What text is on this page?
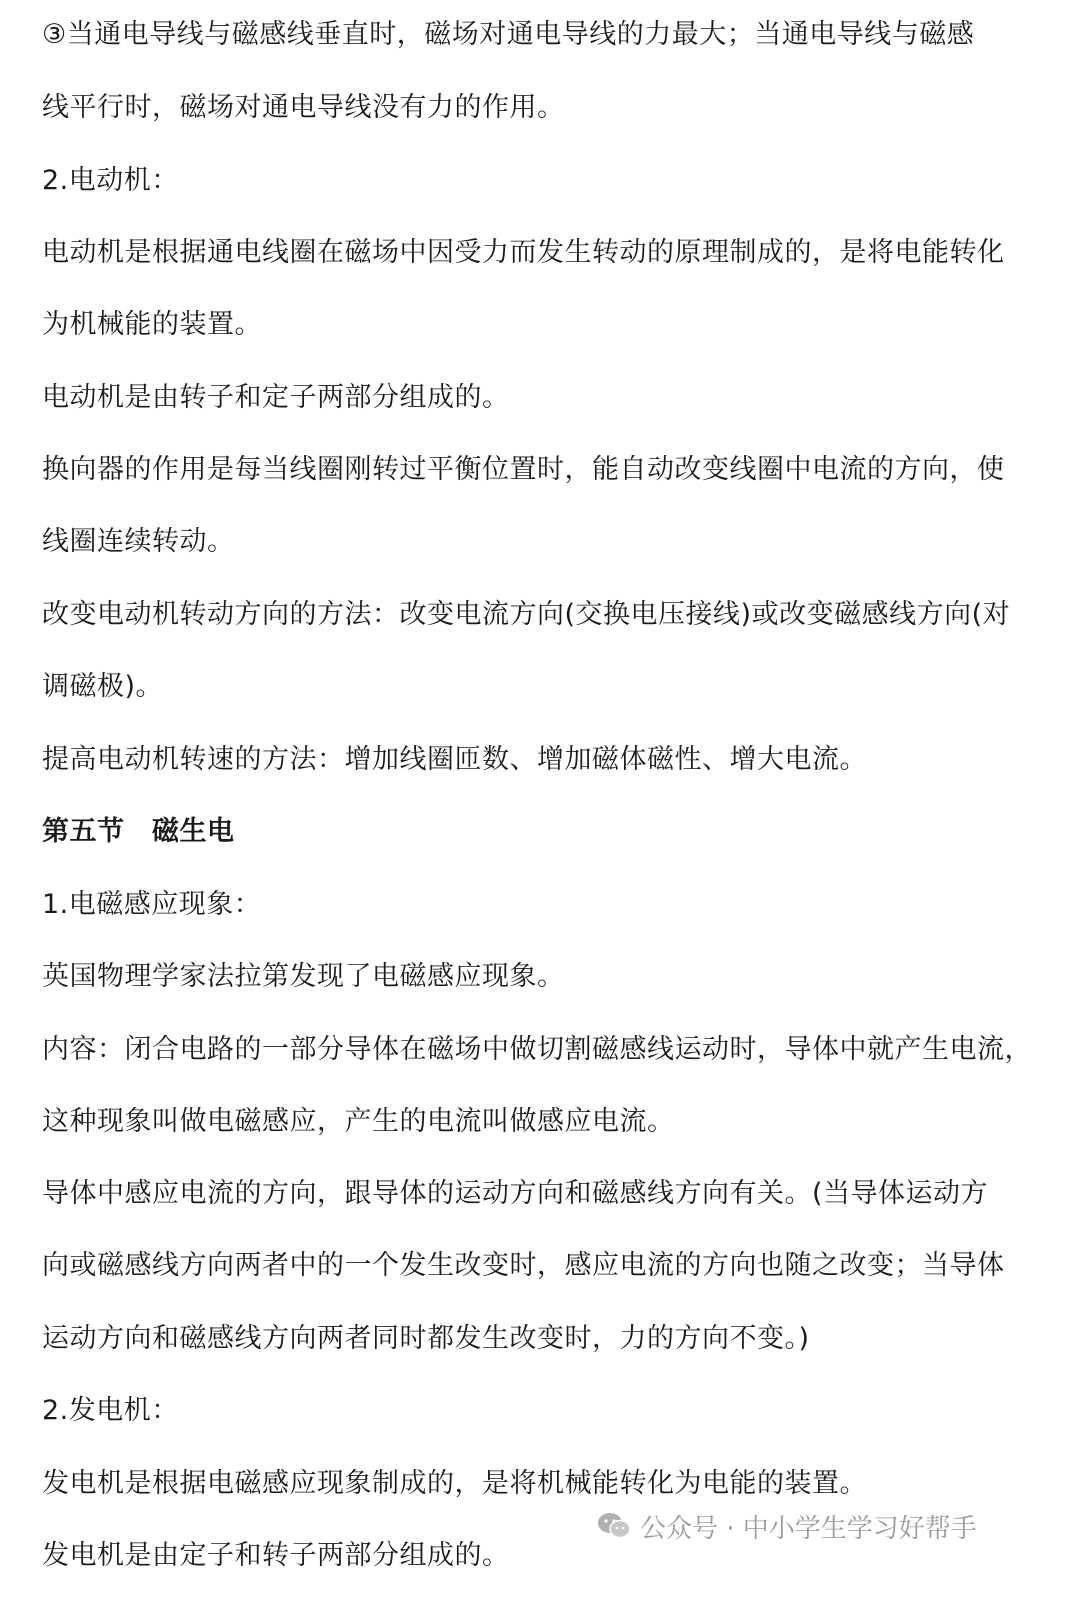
③当通电导线与磁感线垂直时，磁场对通电导线的力最大；当通电导线与磁感
线平行时，磁场对通电导线没有力的作用。
2.电动机：
电动机是根据通电线圈在磁场中因受力而发生转动的原理制成的，是将电能转化
为机械能的装置。
电动机是由转子和定子两部分组成的。
换向器的作用是每当线圈刚转过平衡位置时，能自动改变线圈中电流的方向，使
线圈连续转动。
改变电动机转动方向的方法：改变电流方向(交换电压接线)或改变磁感线方向(对
调磁极)。
提高电动机转速的方法：增加线圈匝数、增加磁体磁性、增大电流。
第五节　磁生电
1.电磁感应现象：
英国物理学家法拉第发现了电磁感应现象。
内容：闭合电路的一部分导体在磁场中做切割磁感线运动时，导体中就产生电流，
这种现象叫做电磁感应，产生的电流叫做感应电流。
导体中感应电流的方向，跟导体的运动方向和磁感线方向有关。(当导体运动方
向或磁感线方向两者中的一个发生改变时，感应电流的方向也随之改变；当导体
运动方向和磁感线方向两者同时都发生改变时，力的方向不变。)
2.发电机：
发电机是根据电磁感应现象制成的，是将机械能转化为电能的装置。
发电机是由定子和转子两部分组成的。
公众号 · 中小学生学习好帮手
